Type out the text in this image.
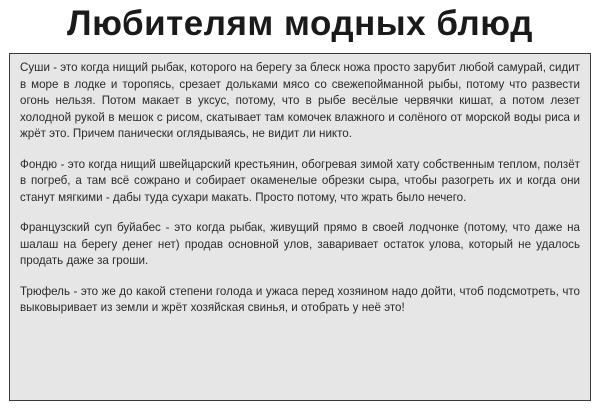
Любителям модных блюд

Суши - это когда нищий рыбак, которого на берегу за блеск ножа просто зарубит любой самурай, сидит в море в лодке и торопясь, срезает дольками мясо со свежепойманной рыбы, потому что развести огонь нельзя. Потом макает в уксус, потому, что в рыбе весёлые червячки кишат, а потом лезет холодной рукой в мешок с рисом, скатывает там комочек влажного и солёного от морской воды риса и жрёт это. Причем панически оглядываясь, не видит ли никто.

Фондю - это когда нищий швейцарский крестьянин, обогревая зимой хату собственным теплом, ползёт в погреб, а там всё сожрано и собирает окаменелые обрезки сыра, чтобы разогреть их и когда они станут мягкими - дабы туда сухари макать. Просто потому, что жрать было нечего.

Французский суп буйабес - это когда рыбак, живущий прямо в своей лодчонке (потому, что даже на шалаш на берегу денег нет) продав основной улов, заваривает остаток улова, который не удалось продать даже за гроши.

Трюфель - это же до какой степени голода и ужаса перед хозяином надо дойти, чтоб подсмотреть, что выковыривает из земли и жрёт хозяйская свинья, и отобрать у неё это!
